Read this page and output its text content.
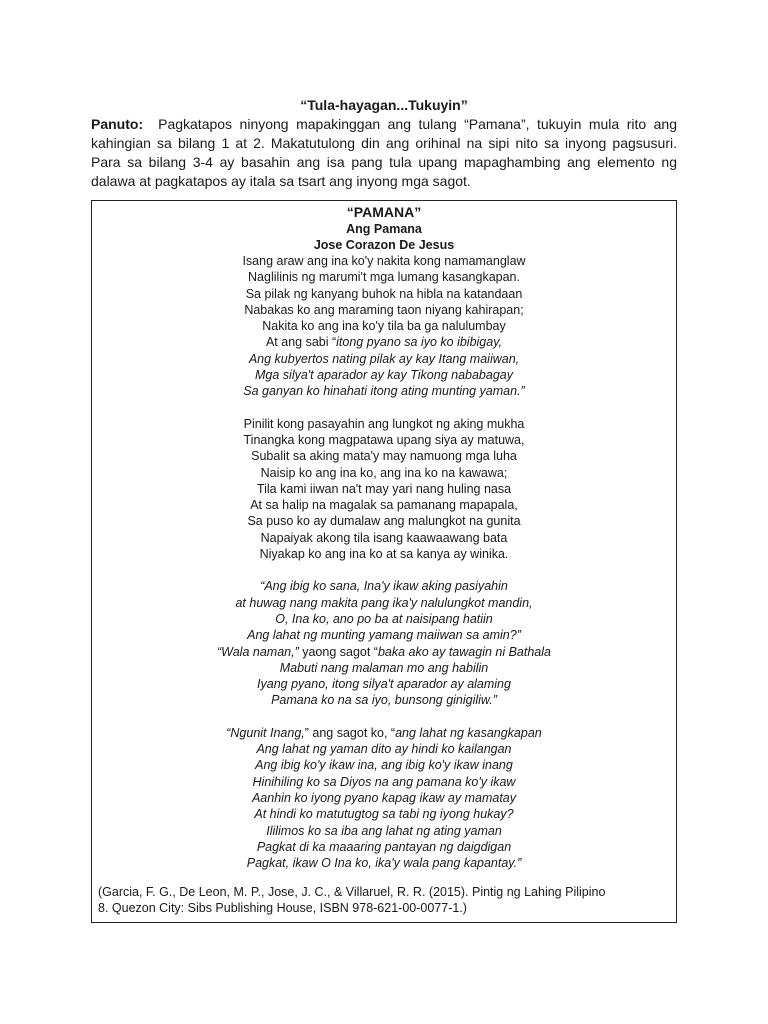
“Tula-hayagan...Tukuyin”
Panuto: Pagkatapos ninyong mapakinggan ang tulang “Pamana”, tukuyin mula rito ang kahingian sa bilang 1 at 2. Makatutulong din ang orihinal na sipi nito sa inyong pagsusuri. Para sa bilang 3-4 ay basahin ang isa pang tula upang mapaghambing ang elemento ng dalawa at pagkatapos ay itala sa tsart ang inyong mga sagot.
“PAMANA”
Ang Pamana
Jose Corazon De Jesus
Isang araw ang ina ko'y nakita kong namamanglaw
Naglilinis ng marumi't mga lumang kasangkapan.
Sa pilak ng kanyang buhok na hibla na katandaan
Nabakas ko ang maraming taon niyang kahirapan;
Nakita ko ang ina ko'y tila ba ga nalulumbay
At ang sabi “itong pyano sa iyo ko ibibigay,
Ang kubyertos nating pilak ay kay Itang maiiwan,
Mga silya't aparador ay kay Tikong nababagay
Sa ganyan ko hinahati itong ating munting yaman.”
Pinilit kong pasayahin ang lungkot ng aking mukha
Tinangka kong magpatawa upang siya ay matuwa,
Subalit sa aking mata'y may namuong mga luha
Naisip ko ang ina ko, ang ina ko na kawawa;
Tila kami iiwan na't may yari nang huling nasa
At sa halip na magalak sa pamanang mapapala,
Sa puso ko ay dumalaw ang malungkot na gunita
Napaiyak akong tila isang kaawaawang bata
Niyakap ko ang ina ko at sa kanya ay winika.
“Ang ibig ko sana, Ina'y ikaw aking pasiyahin
at huwag nang makita pang ika'y nalulungkot mandin,
O, Ina ko, ano po ba at naisipang hatiin
Ang lahat ng munting yamang maiiwan sa amin?”
“Wala naman,” yaong sagot “baka ako ay tawagin ni Bathala
Mabuti nang malaman mo ang habilin
Iyang pyano, itong silya't aparador ay alaming
Pamana ko na sa iyo, bunsong ginigiliw.”
“Ngunit Inang,” ang sagot ko, “ang lahat ng kasangkapan
Ang lahat ng yaman dito ay hindi ko kailangan
Ang ibig ko'y ikaw ina, ang ibig ko'y ikaw inang
Hinihiling ko sa Diyos na ang pamana ko'y ikaw
Aanhin ko iyong pyano kapag ikaw ay mamatay
At hindi ko matutugtog sa tabi ng iyong hukay?
Ililimos ko sa iba ang lahat ng ating yaman
Pagkat di ka maaaring pantayan ng daigdigan
Pagkat, ikaw O Ina ko, ika'y wala pang kapantay.”
(Garcia, F. G., De Leon, M. P., Jose, J. C., & Villaruel, R. R. (2015). Pintig ng Lahing Pilipino
8. Quezon City: Sibs Publishing House, ISBN 978-621-00-0077-1.)
